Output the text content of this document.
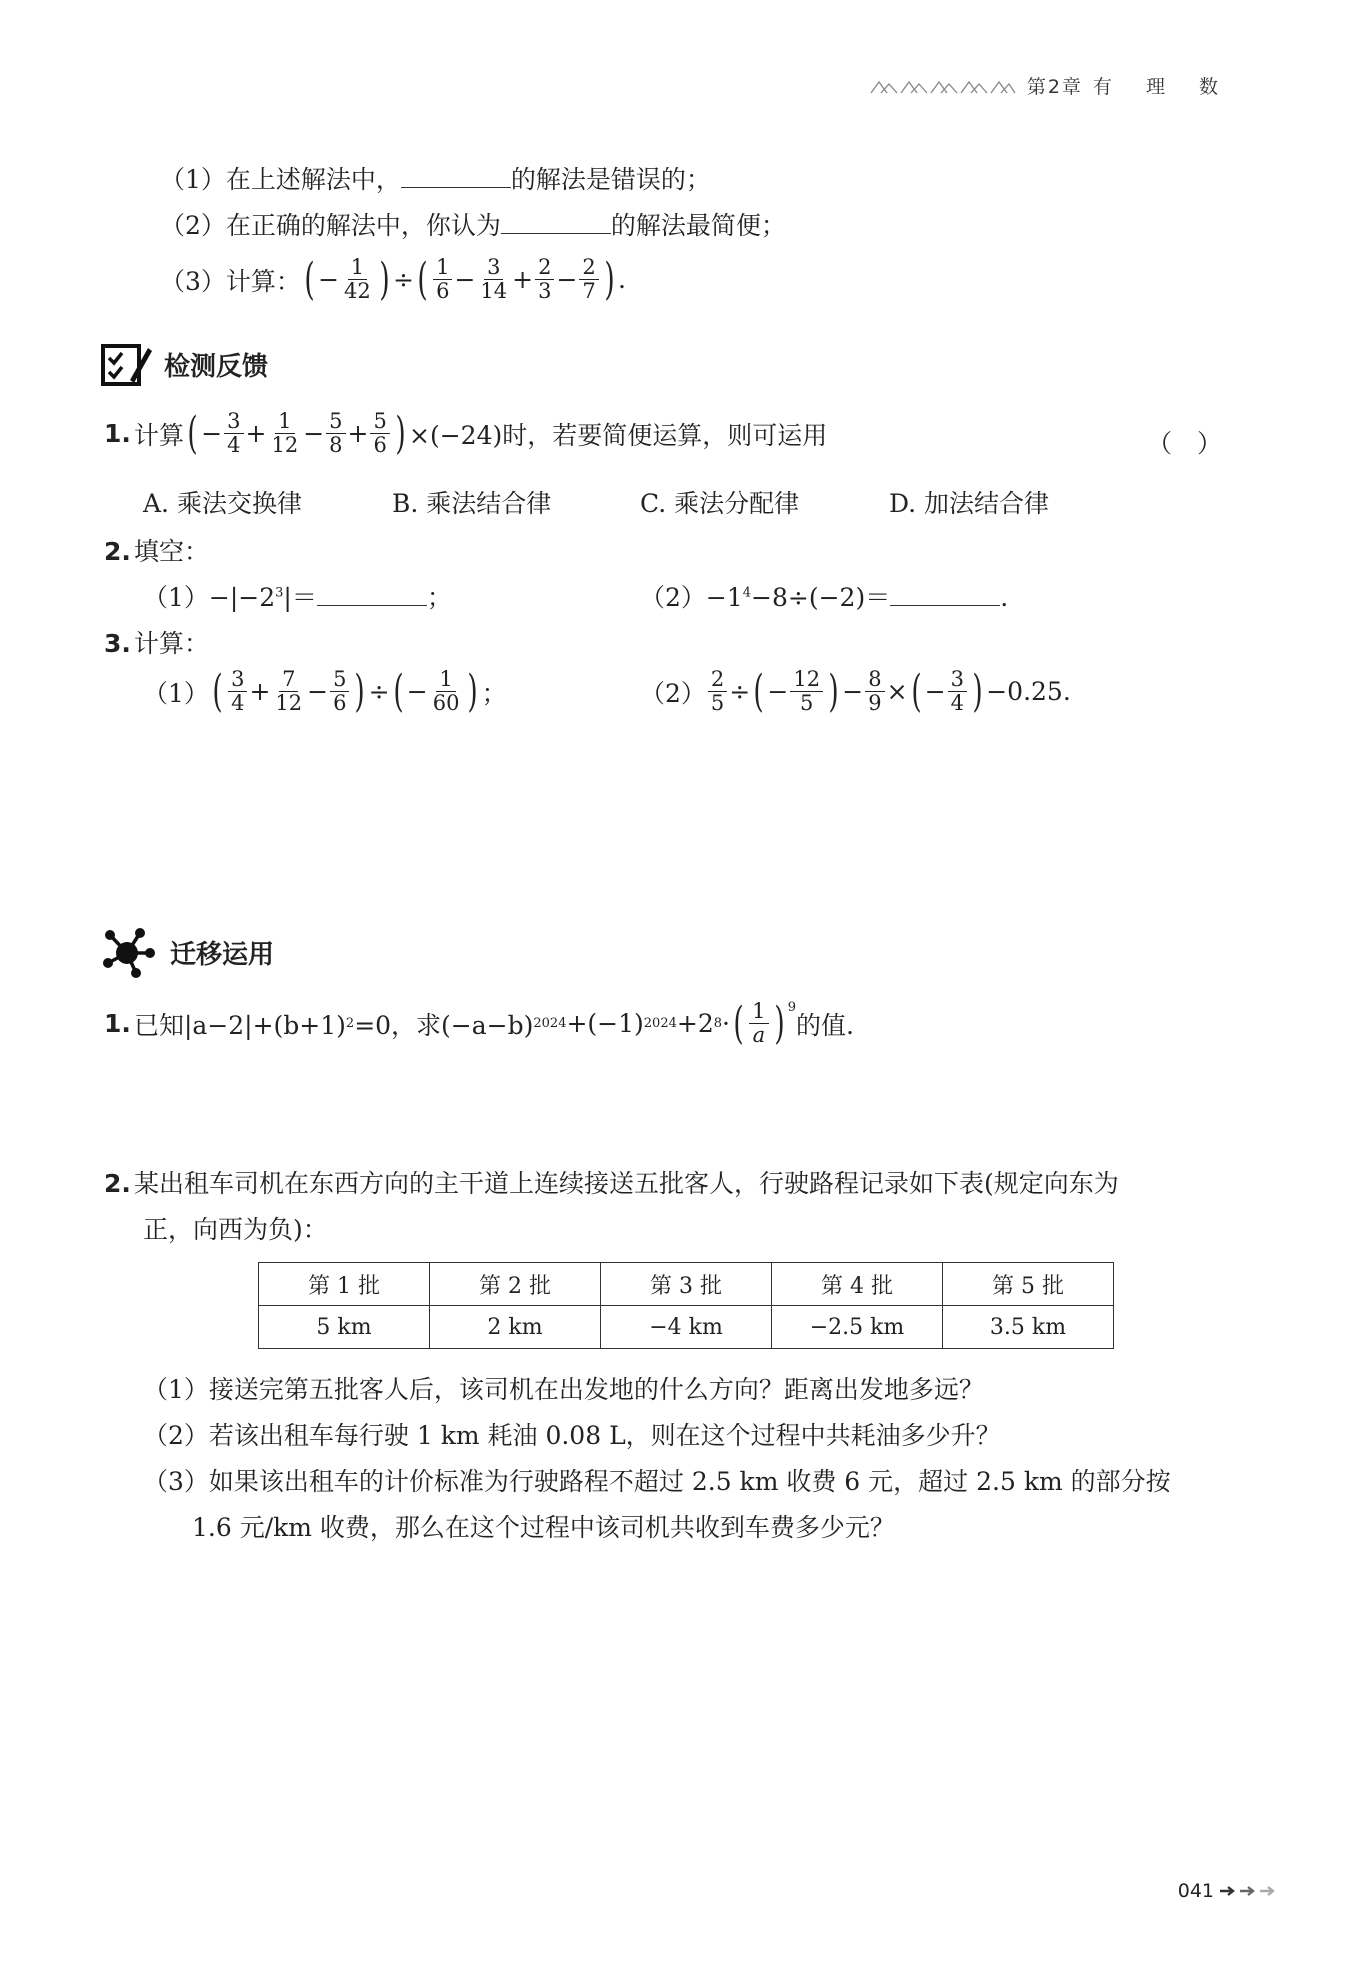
第2章 有 理 数
（1）在上述解法中，	的解法是错误的；
（2）在正确的解法中，你认为	的解法最简便；
（3）计算： ( − $\frac{1}{42}$ ) ÷ ( $\frac{1}{6} - \frac{3}{14} + \frac{2}{3} - \frac{2}{7}$ ) .
检测反馈
1. 计算 ( − $\frac{3}{4} + \frac{1}{12} - \frac{5}{8} + \frac{5}{6}$ ) ×(−24)时，若要简便运算，则可运用	（　）
A. 乘法交换律	B. 乘法结合律	C. 乘法分配律	D. 加法结合律
2. 填空：
$(1)-|-2^3|=$	；	$(2)-1^4-8\div(-2)=$	.
3. 计算：
（1） ( $\frac{3}{4} + \frac{7}{12} - \frac{5}{6}$ ) ÷ ( − $\frac{1}{60}$ ) ；	$(2) \frac{2}{5}$ ÷ ( − $\frac{12}{5}$ ) − $\frac{8}{9}$ × ( − $\frac{3}{4}$ ) −0.25.
迁移运用
1. 已知|a−2|+(b+1) 2 =0，求(−a−b) 2024 +(−1) 2024 +2 8 · ( $\frac{1}{a}$ ) $^9$
的值.
2. 某出租车司机在东西方向的主干道上连续接送五批客人，行驶路程记录如下表(规定向东为
正，向西为负)：
第 1 批	第 2 批	第 3 批	第 4 批	第 5 批
5 km	2 km	−4 km	−2.5 km	3.5 km
（1）接送完第五批客人后，该司机在出发地的什么方向？距离出发地多远？
（2）若该出租车每行驶 1 km 耗油 0.08 L，则在这个过程中共耗油多少升？
（3）如果该出租车的计价标准为行驶路程不超过 2.5 km 收费 6 元，超过 2.5 km 的部分按
1.6 元/km 收费，那么在这个过程中该司机共收到车费多少元？
041
